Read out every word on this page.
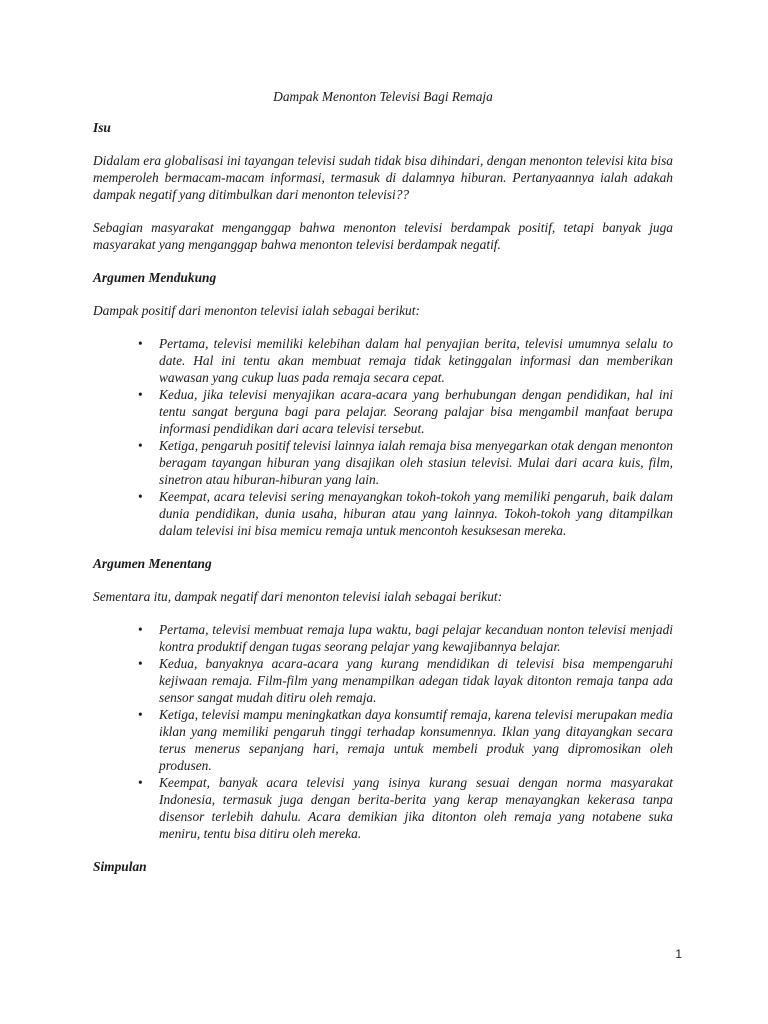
Dampak Menonton Televisi Bagi Remaja
Isu

Didalam era globalisasi ini tayangan televisi sudah tidak bisa dihindari, dengan menonton televisi kita bisa memperoleh bermacam-macam informasi, termasuk di dalamnya hiburan. Pertanyaannya ialah adakah dampak negatif yang ditimbulkan dari menonton televisi??

Sebagian masyarakat menganggap bahwa menonton televisi berdampak positif, tetapi banyak juga masyarakat yang menganggap bahwa menonton televisi berdampak negatif.

Argumen Mendukung

Dampak positif dari menonton televisi ialah sebagai berikut:

• Pertama, televisi memiliki kelebihan dalam hal penyajian berita, televisi umumnya selalu to date. Hal ini tentu akan membuat remaja tidak ketinggalan informasi dan memberikan wawasan yang cukup luas pada remaja secara cepat.
• Kedua, jika televisi menyajikan acara-acara yang berhubungan dengan pendidikan, hal ini tentu sangat berguna bagi para pelajar. Seorang palajar bisa mengambil manfaat berupa informasi pendidikan dari acara televisi tersebut.
• Ketiga, pengaruh positif televisi lainnya ialah remaja bisa menyegarkan otak dengan menonton beragam tayangan hiburan yang disajikan oleh stasiun televisi. Mulai dari acara kuis, film, sinetron atau hiburan-hiburan yang lain.
• Keempat, acara televisi sering menayangkan tokoh-tokoh yang memiliki pengaruh, baik dalam dunia pendidikan, dunia usaha, hiburan atau yang lainnya. Tokoh-tokoh yang ditampilkan dalam televisi ini bisa memicu remaja untuk mencontoh kesuksesan mereka.
Argumen Menentang

Sementara itu, dampak negatif dari menonton televisi ialah sebagai berikut:

• Pertama, televisi membuat remaja lupa waktu, bagi pelajar kecanduan nonton televisi menjadi kontra produktif dengan tugas seorang pelajar yang kewajibannya belajar.
• Kedua, banyaknya acara-acara yang kurang mendidikan di televisi bisa mempengaruhi kejiwaan remaja. Film-film yang menampilkan adegan tidak layak ditonton remaja tanpa ada sensor sangat mudah ditiru oleh remaja.
• Ketiga, televisi mampu meningkatkan daya konsumtif remaja, karena televisi merupakan media iklan yang memiliki pengaruh tinggi terhadap konsumennya. Iklan yang ditayangkan secara terus menerus sepanjang hari, remaja untuk membeli produk yang dipromosikan oleh produsen.
• Keempat, banyak acara televisi yang isinya kurang sesuai dengan norma masyarakat Indonesia, termasuk juga dengan berita-berita yang kerap menayangkan kekerasa tanpa disensor terlebih dahulu. Acara demikian jika ditonton oleh remaja yang notabene suka meniru, tentu bisa ditiru oleh mereka.
Simpulan
1
